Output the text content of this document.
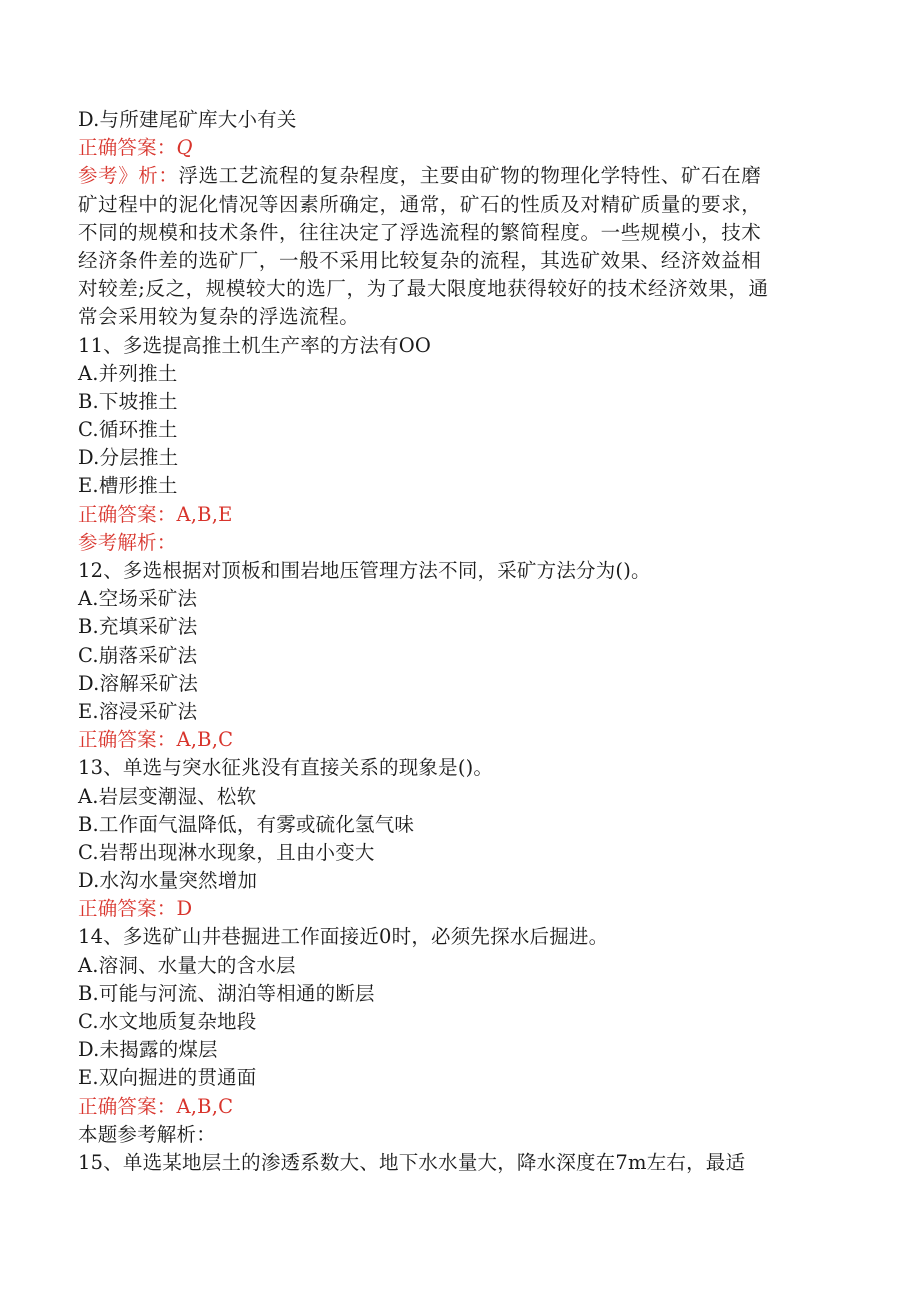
D.与所建尾矿库大小有关
正确答案：Q
参考》析：浮选工艺流程的复杂程度，主要由矿物的物理化学特性、矿石在磨
矿过程中的泥化情况等因素所确定，通常，矿石的性质及对精矿质量的要求，
不同的规模和技术条件，往往决定了浮选流程的繁简程度。一些规模小，技术
经济条件差的选矿厂，一般不采用比较复杂的流程，其选矿效果、经济效益相
对较差;反之，规模较大的选厂，为了最大限度地获得较好的技术经济效果，通
常会采用较为复杂的浮选流程。
11、多选提高推土机生产率的方法有OO
A.并列推土
B.下坡推土
C.循环推土
D.分层推土
E.槽形推土
正确答案：A,B,E
参考解析：
12、多选根据对顶板和围岩地压管理方法不同，采矿方法分为()。
A.空场采矿法
B.充填采矿法
C.崩落采矿法
D.溶解采矿法
E.溶浸采矿法
正确答案：A,B,C
13、单选与突水征兆没有直接关系的现象是()。
A.岩层变潮湿、松软
B.工作面气温降低，有雾或硫化氢气味
C.岩帮出现淋水现象，且由小变大
D.水沟水量突然增加
正确答案：D
14、多选矿山井巷掘进工作面接近0时，必须先探水后掘进。
A.溶洞、水量大的含水层
B.可能与河流、湖泊等相通的断层
C.水文地质复杂地段
D.未揭露的煤层
E.双向掘进的贯通面
正确答案：A,B,C
本题参考解析：
15、单选某地层土的渗透系数大、地下水水量大，降水深度在7m左右，最适
